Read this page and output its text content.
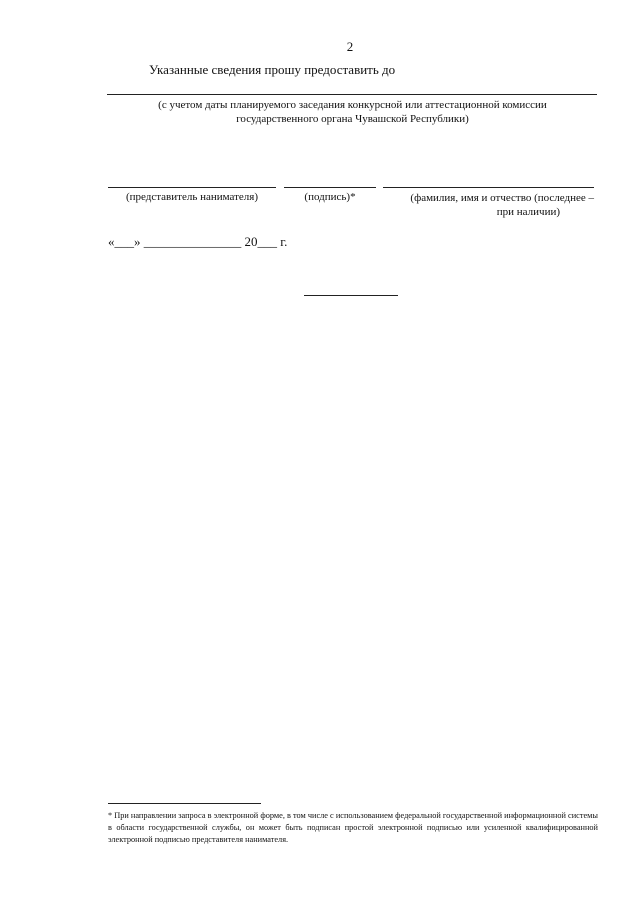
2
Указанные сведения прошу предоставить до
(с учетом даты планируемого заседания конкурсной или аттестационной комиссии
государственного органа Чувашской Республики)
(представитель нанимателя)	(подпись)*	(фамилия, имя и отчество (последнее –
при наличии)
«___» _______________ 20___ г.
* При направлении запроса в электронной форме, в том числе с использованием федеральной государственной информационной системы в области государственной службы, он может быть подписан простой электронной подписью или усиленной квалифицированной электронной подписью представителя нанимателя.
